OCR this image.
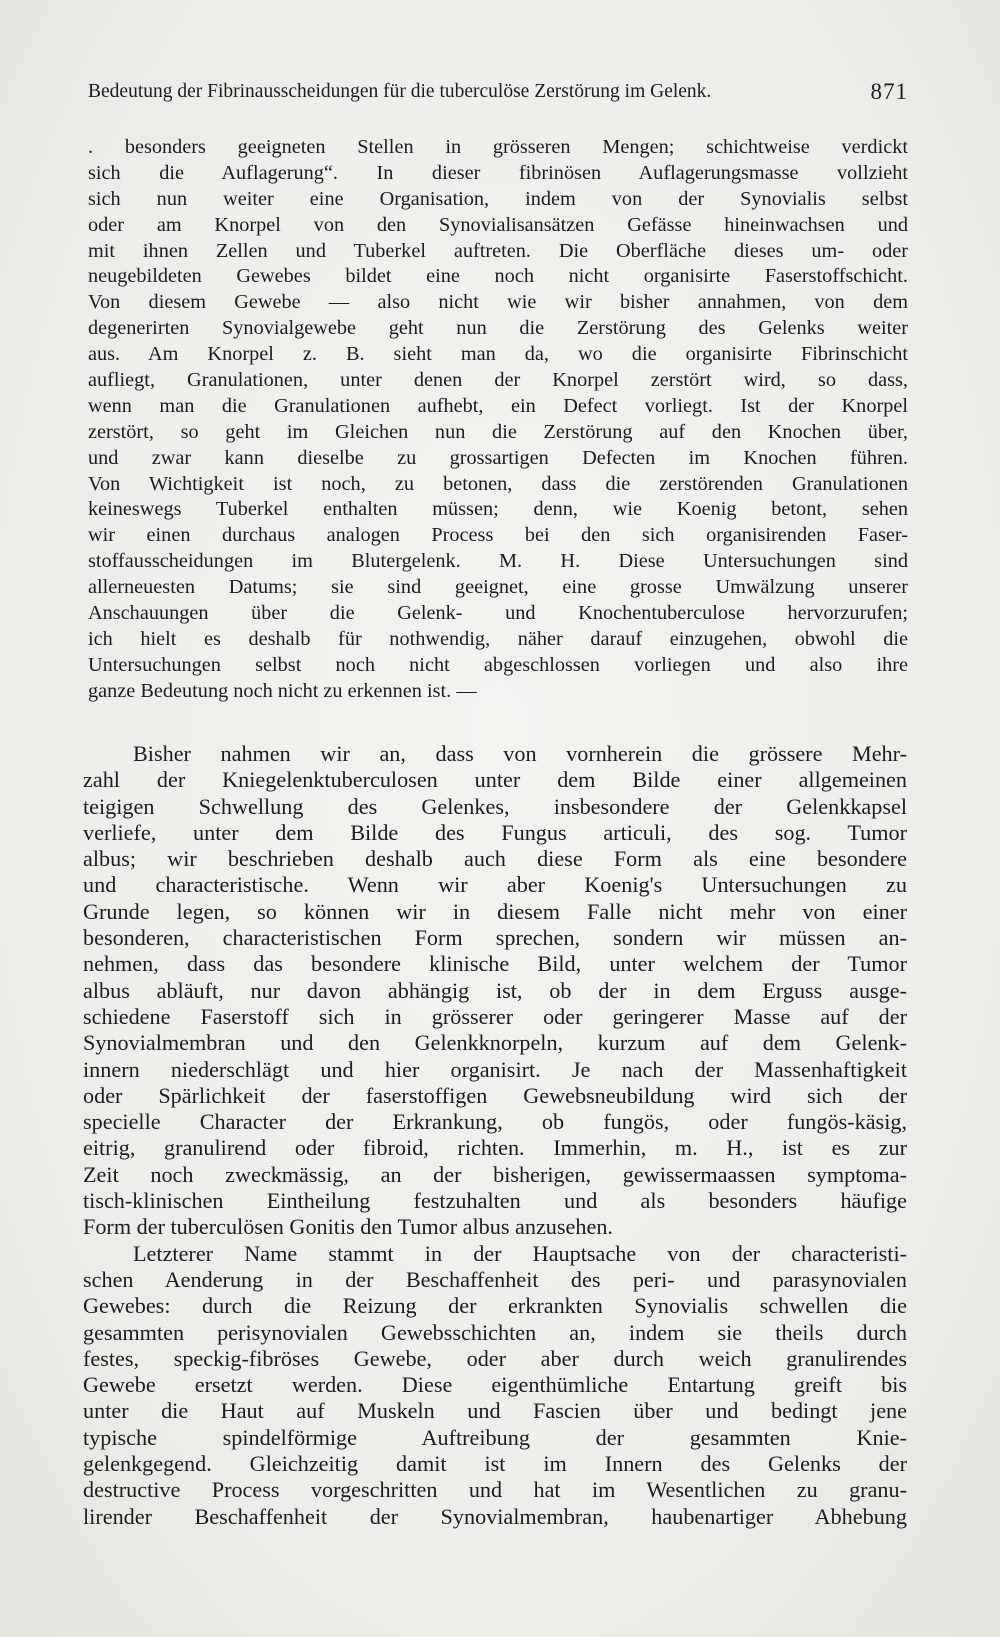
Bedeutung der Fibrinausscheidungen für die tuberculöse Zerstörung im Gelenk.	871
. besonders geeigneten Stellen in grösseren Mengen; schichtweise verdickt
sich die Auflagerung“. In dieser fibrinösen Auflagerungsmasse vollzieht
sich nun weiter eine Organisation, indem von der Synovialis selbst
oder am Knorpel von den Synovialisansätzen Gefässe hineinwachsen und
mit ihnen Zellen und Tuberkel auftreten. Die Oberfläche dieses um- oder
neugebildeten Gewebes bildet eine noch nicht organisirte Faserstoffschicht.
Von diesem Gewebe — also nicht wie wir bisher annahmen, von dem
degenerirten Synovialgewebe geht nun die Zerstörung des Gelenks weiter
aus. Am Knorpel z. B. sieht man da, wo die organisirte Fibrinschicht
aufliegt, Granulationen, unter denen der Knorpel zerstört wird, so dass,
wenn man die Granulationen aufhebt, ein Defect vorliegt. Ist der Knorpel
zerstört, so geht im Gleichen nun die Zerstörung auf den Knochen über,
und zwar kann dieselbe zu grossartigen Defecten im Knochen führen.
Von Wichtigkeit ist noch, zu betonen, dass die zerstörenden Granulationen
keineswegs Tuberkel enthalten müssen; denn, wie Koenig betont, sehen
wir einen durchaus analogen Process bei den sich organisirenden Faser-
stoffausscheidungen im Blutergelenk. M. H. Diese Untersuchungen sind
allerneuesten Datums; sie sind geeignet, eine grosse Umwälzung unserer
Anschauungen über die Gelenk- und Knochentuberculose hervorzurufen;
ich hielt es deshalb für nothwendig, näher darauf einzugehen, obwohl die
Untersuchungen selbst noch nicht abgeschlossen vorliegen und also ihre
ganze Bedeutung noch nicht zu erkennen ist. —
Bisher nahmen wir an, dass von vornherein die grössere Mehr-
zahl der Kniegelenktuberculosen unter dem Bilde einer allgemeinen
teigigen Schwellung des Gelenkes, insbesondere der Gelenkkapsel
verliefe, unter dem Bilde des Fungus articuli, des sog. Tumor
albus; wir beschrieben deshalb auch diese Form als eine besondere
und characteristische. Wenn wir aber Koenig's Untersuchungen zu
Grunde legen, so können wir in diesem Falle nicht mehr von einer
besonderen, characteristischen Form sprechen, sondern wir müssen an-
nehmen, dass das besondere klinische Bild, unter welchem der Tumor
albus abläuft, nur davon abhängig ist, ob der in dem Erguss ausge-
schiedene Faserstoff sich in grösserer oder geringerer Masse auf der
Synovialmembran und den Gelenkknorpeln, kurzum auf dem Gelenk-
innern niederschlägt und hier organisirt. Je nach der Massenhaftigkeit
oder Spärlichkeit der faserstoffigen Gewebsneubildung wird sich der
specielle Character der Erkrankung, ob fungös, oder fungös-käsig,
eitrig, granulirend oder fibroid, richten. Immerhin, m. H., ist es zur
Zeit noch zweckmässig, an der bisherigen, gewissermaassen symptoma-
tisch-klinischen Eintheilung festzuhalten und als besonders häufige
Form der tuberculösen Gonitis den Tumor albus anzusehen.
Letzterer Name stammt in der Hauptsache von der characteristi-
schen Aenderung in der Beschaffenheit des peri- und parasynovialen
Gewebes: durch die Reizung der erkrankten Synovialis schwellen die
gesammten perisynovialen Gewebsschichten an, indem sie theils durch
festes, speckig-fibröses Gewebe, oder aber durch weich granulirendes
Gewebe ersetzt werden. Diese eigenthümliche Entartung greift bis
unter die Haut auf Muskeln und Fascien über und bedingt jene
typische spindelförmige Auftreibung der gesammten Knie-
gelenkgegend. Gleichzeitig damit ist im Innern des Gelenks der
destructive Process vorgeschritten und hat im Wesentlichen zu granu-
lirender Beschaffenheit der Synovialmembran, haubenartiger Abhebung
